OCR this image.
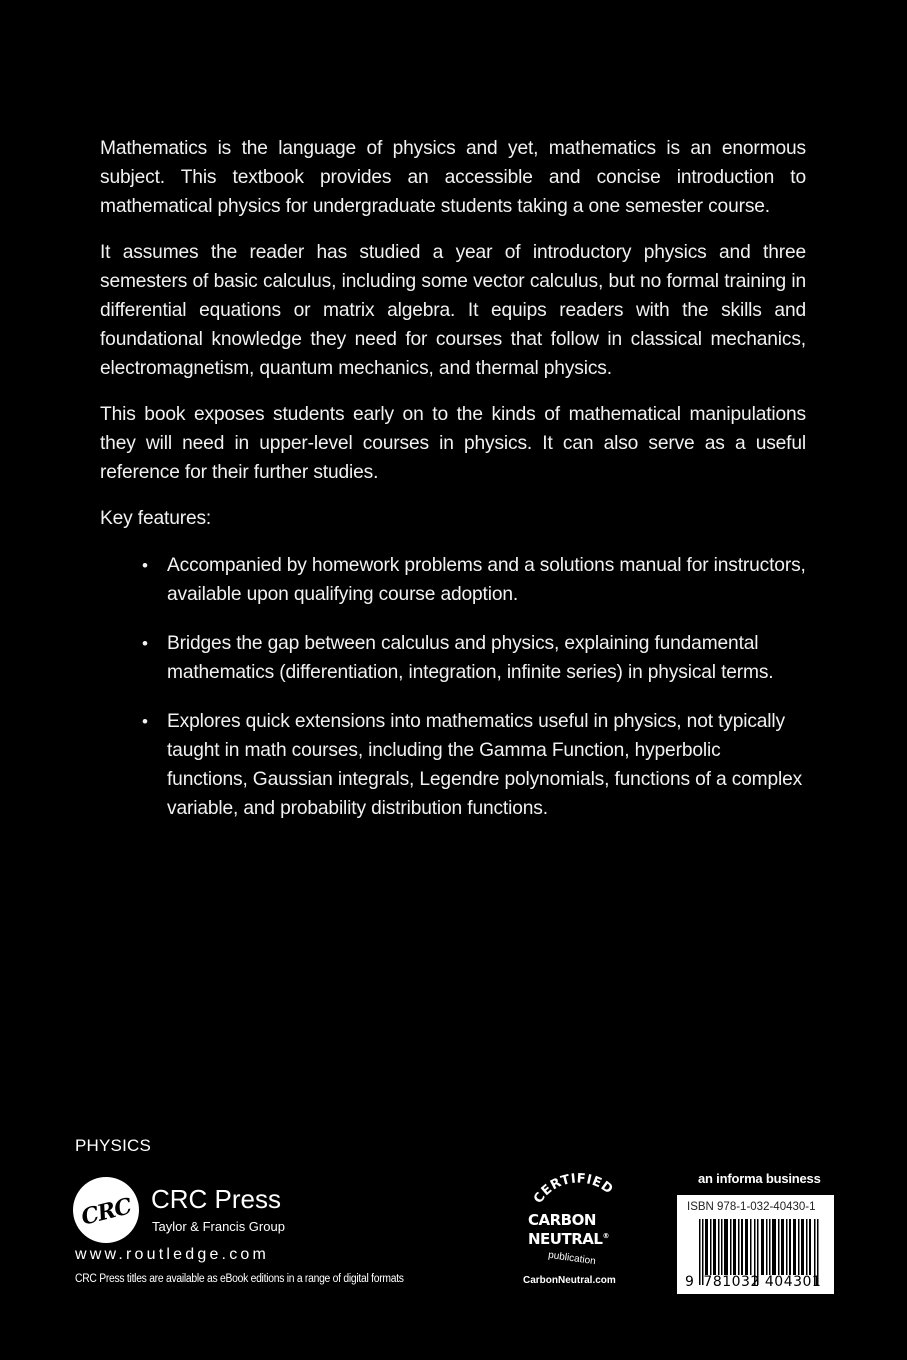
Mathematics is the language of physics and yet, mathematics is an enormous subject. This textbook provides an accessible and concise introduction to mathematical physics for undergraduate students taking a one semester course.

It assumes the reader has studied a year of introductory physics and three semesters of basic calculus, including some vector calculus, but no formal training in differential equations or matrix algebra. It equips readers with the skills and foundational knowledge they need for courses that follow in classical mechanics, electromagnetism, quantum mechanics, and thermal physics.

This book exposes students early on to the kinds of mathematical manipulations they will need in upper-level courses in physics. It can also serve as a useful reference for their further studies.

Key features:

• Accompanied by homework problems and a solutions manual for instructors, available upon qualifying course adoption.
• Bridges the gap between calculus and physics, explaining fundamental mathematics (differentiation, integration, infinite series) in physical terms.
• Explores quick extensions into mathematics useful in physics, not typically taught in math courses, including the Gamma Function, hyperbolic functions, Gaussian integrals, Legendre polynomials, functions of a complex variable, and probability distribution functions.
PHYSICS
CRC CRC Press
Taylor & Francis Group
www.routledge.com
CRC Press titles are available as eBook editions in a range of digital formats
CERTIFIED
CARBON
NEUTRAL®
publication
CarbonNeutral.com
an informa business
ISBN 978-1-032-40430-1
9 781032 404301
